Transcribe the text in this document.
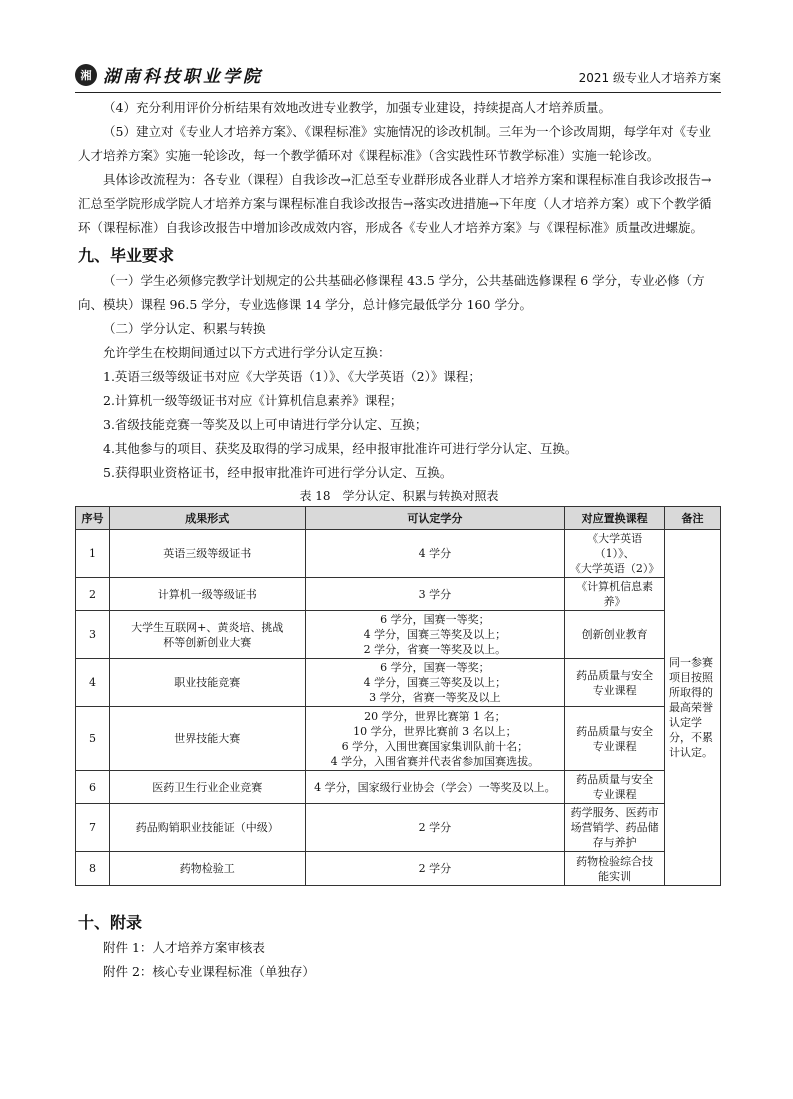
湘 湖南科技职业学院	2021 级专业人才培养方案

（4）充分利用评价分析结果有效地改进专业教学，加强专业建设，持续提高人才培养质量。

（5）建立对《专业人才培养方案》、《课程标准》实施情况的诊改机制。三年为一个诊改周期，每学年对《专业人才培养方案》实施一轮诊改，每一个教学循环对《课程标准》（含实践性环节教学标准）实施一轮诊改。

具体诊改流程为：各专业（课程）自我诊改→汇总至专业群形成各业群人才培养方案和课程标准自我诊改报告→汇总至学院形成学院人才培养方案与课程标准自我诊改报告→落实改进措施→下年度（人才培养方案）或下个教学循环（课程标准）自我诊改报告中增加诊改成效内容，形成各《专业人才培养方案》与《课程标准》质量改进螺旋。

九、毕业要求

（一）学生必须修完教学计划规定的公共基础必修课程 43.5 学分，公共基础选修课程 6 学分，专业必修（方向、模块）课程 96.5 学分，专业选修课 14 学分，总计修完最低学分 160 学分。

（二）学分认定、积累与转换

允许学生在校期间通过以下方式进行学分认定互换：

1.英语三级等级证书对应《大学英语（1）》、《大学英语（2）》课程；

2.计算机一级等级证书对应《计算机信息素养》课程；

3.省级技能竞赛一等奖及以上可申请进行学分认定、互换；

4.其他参与的项目、获奖及取得的学习成果，经申报审批准许可进行学分认定、互换。

5.获得职业资格证书，经申报审批准许可进行学分认定、互换。

表 18　学分认定、积累与转换对照表
序号	成果形式	可认定学分	对应置换课程	备注
1	英语三级等级证书	4 学分	《大学英语（1）》、
《大学英语（2）》	同一参赛项目按照所取得的最高荣誉认定学分，不累计认定。
2	计算机一级等级证书	3 学分	《计算机信息素
养》	
3	大学生互联网+、黄炎培、挑战
杯等创新创业大赛	6 学分，国赛一等奖；
4 学分，国赛三等奖及以上；
2 学分，省赛一等奖及以上。	创新创业教育	
4	职业技能竞赛	6 学分，国赛一等奖；
4 学分，国赛三等奖及以上；
3 学分，省赛一等奖及以上	药品质量与安全
专业课程	
5	世界技能大赛	20 学分，世界比赛第 1 名；
10 学分，世界比赛前 3 名以上；
6 学分，入围世赛国家集训队前十名；
4 学分，入围省赛并代表省参加国赛选拔。	药品质量与安全
专业课程	
6	医药卫生行业企业竞赛	4 学分，国家级行业协会（学会）一等奖及以上。	药品质量与安全
专业课程	
7	药品购销职业技能证（中级）	2 学分	药学服务、医药市
场营销学、药品储
存与养护	
8	药物检验工	2 学分	药物检验综合技
能实训	
十、附录

附件 1：人才培养方案审核表

附件 2：核心专业课程标准（单独存）
